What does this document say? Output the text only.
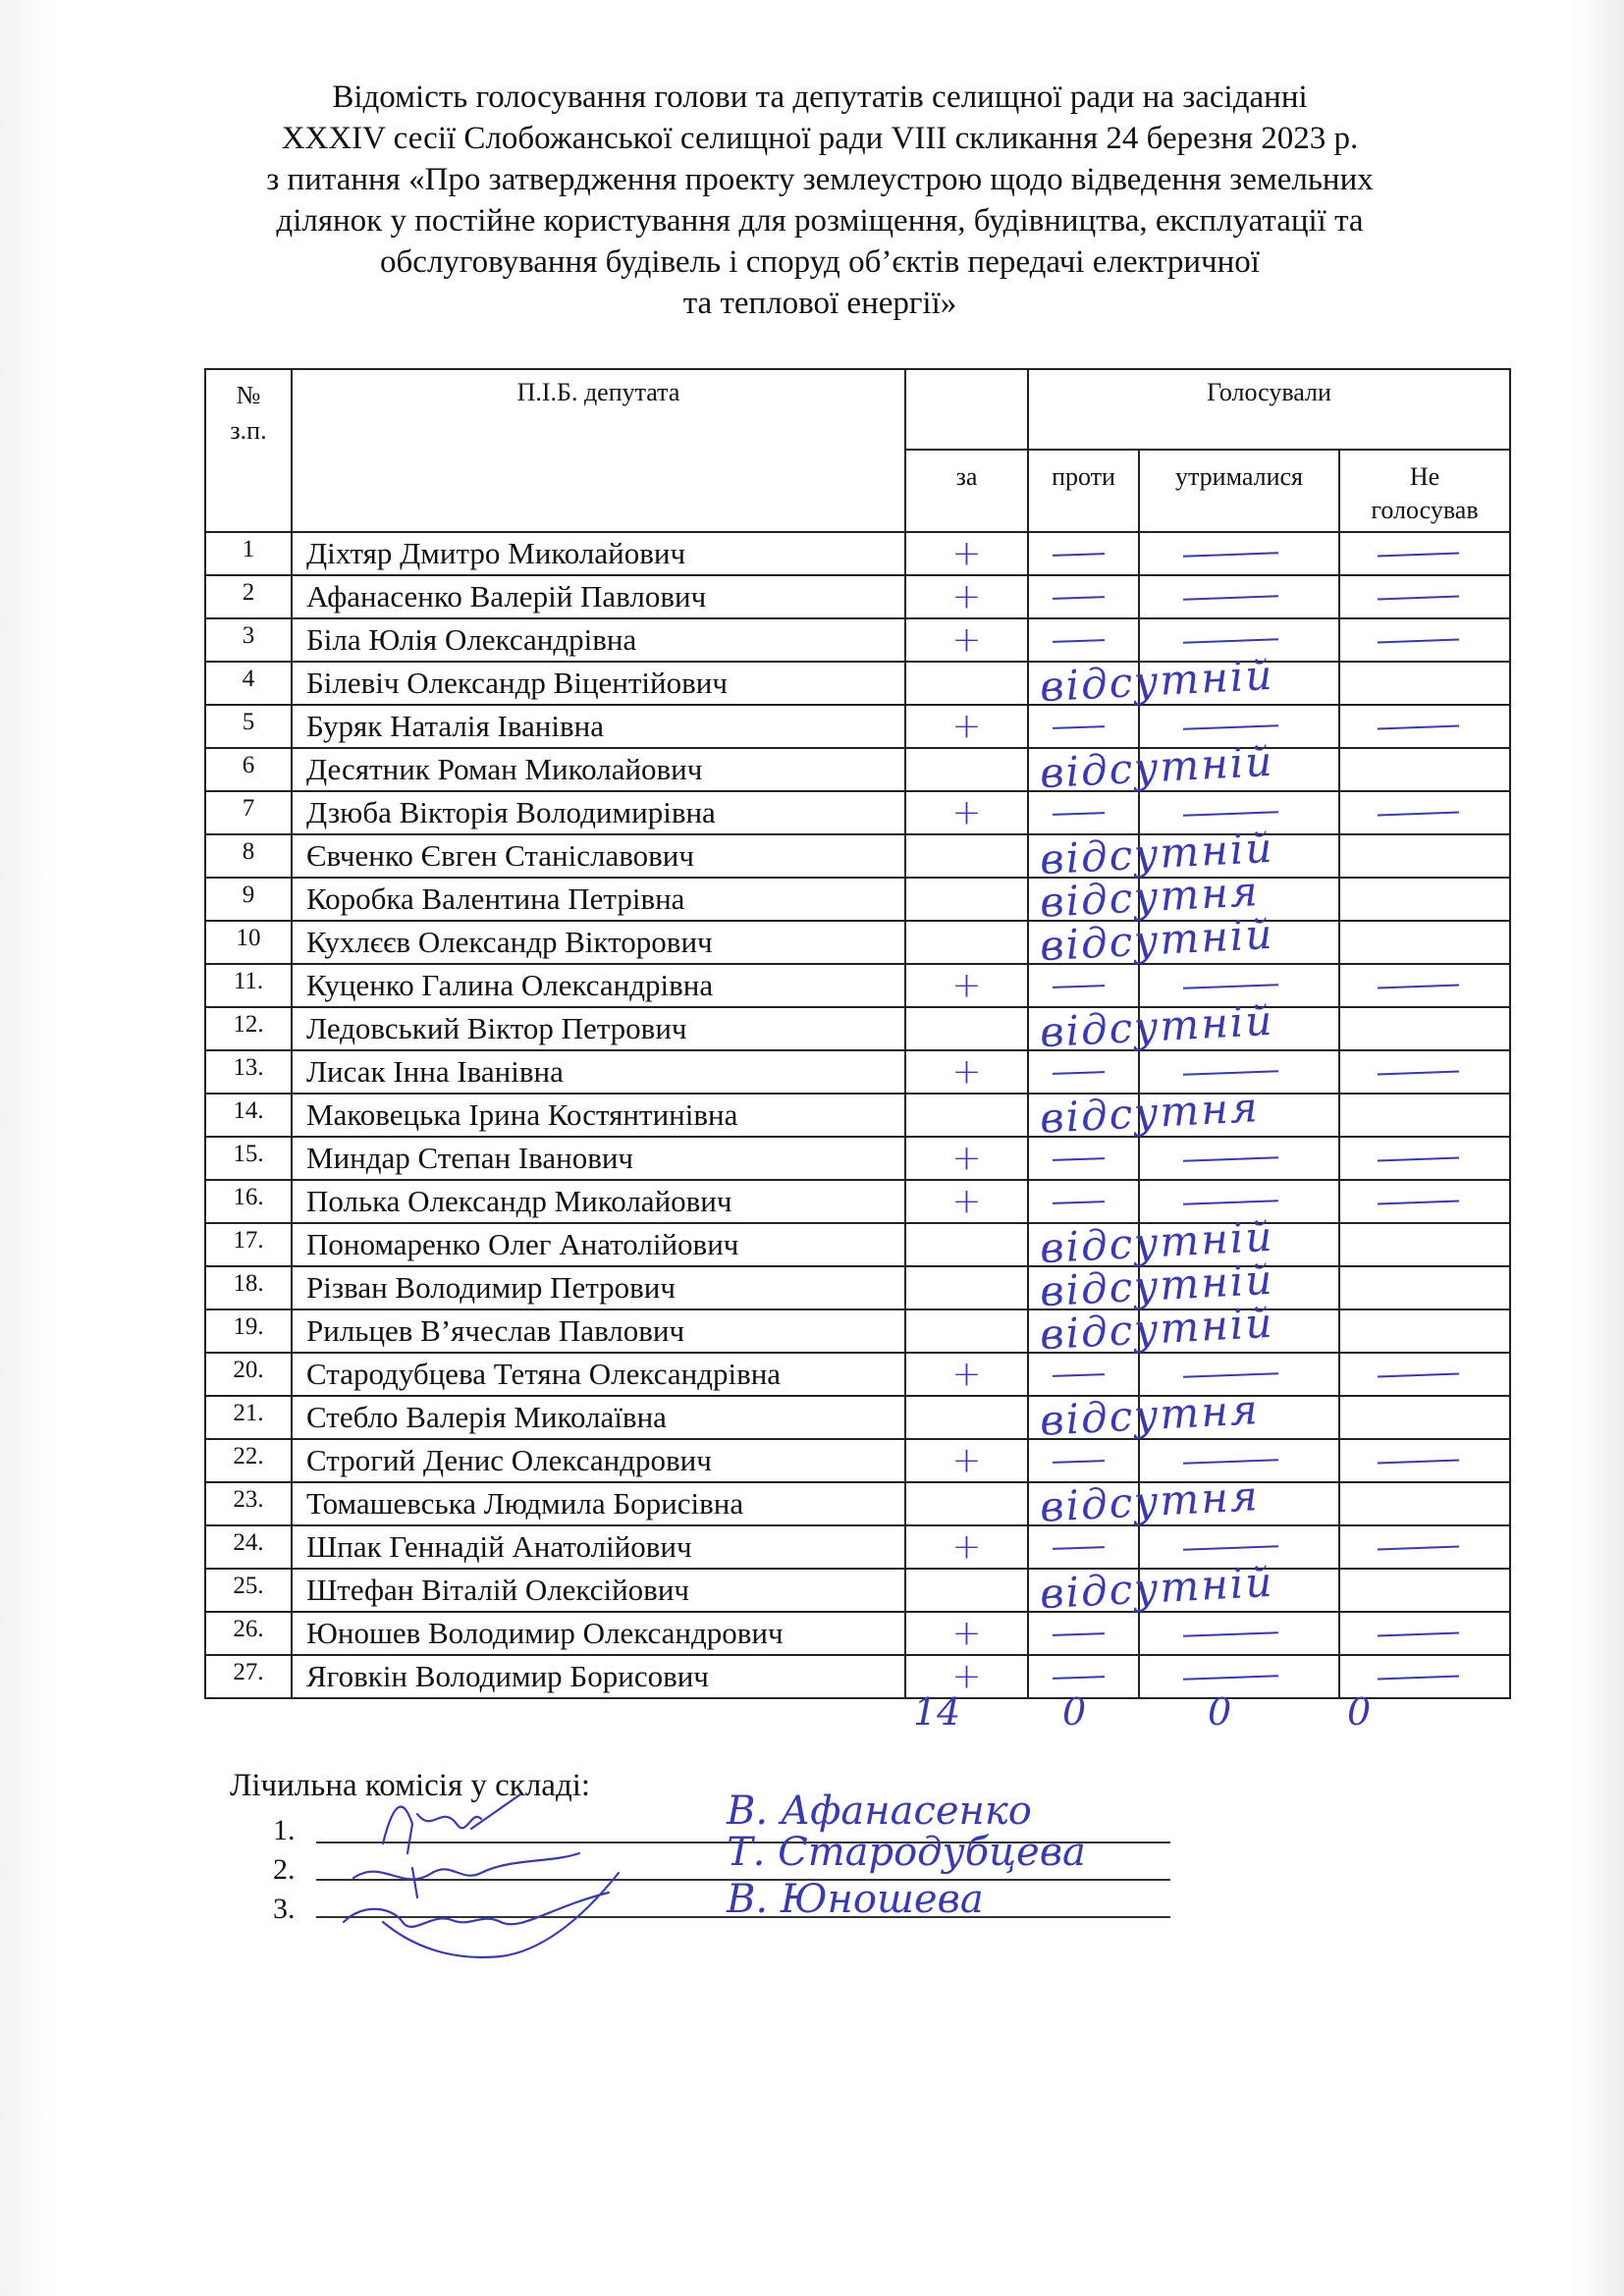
Відомість голосування голови та депутатів селищної ради на засіданні
XXXIV сесії Слобожанської селищної ради VIII скликання 24 березня 2023 р.
з питання «Про затвердження проекту землеустрою щодо відведення земельних
ділянок у постійне користування для розміщення, будівництва, експлуатації та
обслуговування будівель і споруд об’єктів передачі електричної
та теплової енергії»
№
з.п.	П.І.Б. депутата		Голосували		
		за	проти	утрималися	Не
голосував
1	Діхтяр Дмитро Миколайович	+			

2	Афанасенко Валерій Павлович	+			

3	Біла Юлія Олександрівна	+			

4	Білевіч Олександр Віцентійович		відсутній		

5	Буряк Наталія Іванівна	+			

6	Десятник Роман Миколайович		відсутній		

7	Дзюба Вікторія Володимирівна	+			

8	Євченко Євген Станіславович		відсутній		

9	Коробка Валентина Петрівна		відсутня		

10	Кухлєєв Олександр Вікторович		відсутній		

11.	Куценко Галина Олександрівна	+			

12.	Ледовський Віктор Петрович		відсутній		

13.	Лисак Інна Іванівна	+			

14.	Маковецька Ірина Костянтинівна		відсутня		

15.	Миндар Степан Іванович	+			

16.	Полька Олександр Миколайович	+			

17.	Пономаренко Олег Анатолійович		відсутній		

18.	Різван Володимир Петрович		відсутній		

19.	Рильцев В’ячеслав Павлович		відсутній		

20.	Стародубцева Тетяна Олександрівна	+			

21.	Стебло Валерія Миколаївна		відсутня		

22.	Строгий Денис Олександрович	+			

23.	Томашевська Людмила Борисівна		відсутня		

24.	Шпак Геннадій Анатолійович	+			

25.	Штефан Віталій Олексійович		відсутній		

26.	Юношев Володимир Олександрович	+			

27.	Яговкін Володимир Борисович	+			

14	0	0	0
Лічильна комісія у складі:
1.
2.
3.
В. Афанасенко
Т. Стародубцева
В. Юношева
